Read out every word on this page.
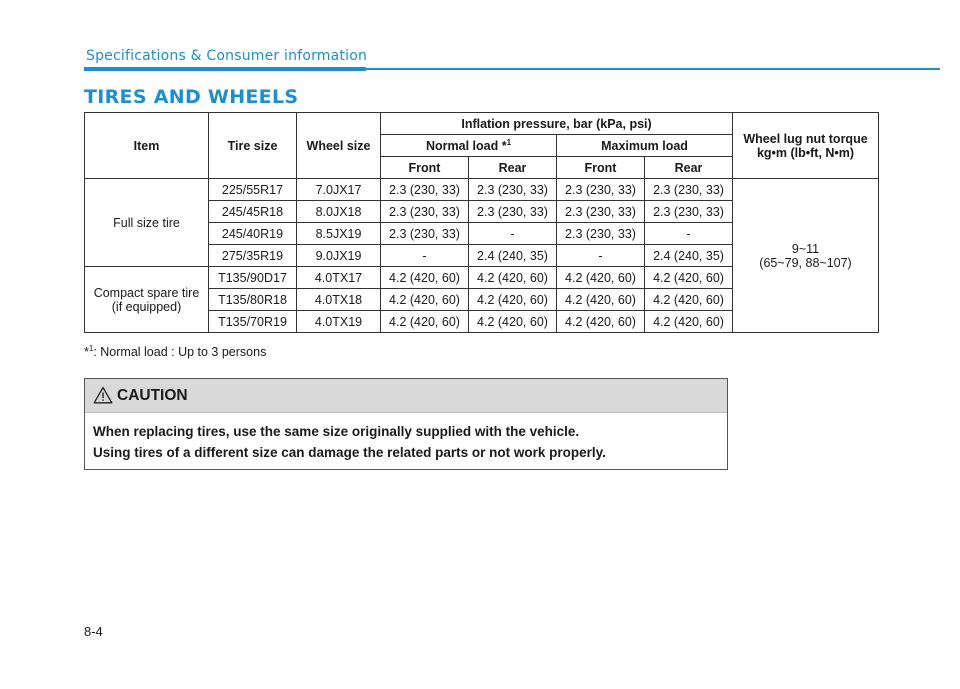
Specifications & Consumer information
TIRES AND WHEELS
Item	Tire size	Wheel size	Inflation pressure, bar (kPa, psi)				Wheel lug nut torque
kg•m (lb•ft, N•m)
			Normal load *$^1$		Maximum load		
			Front	Rear	Front	Rear	
Full size tire	225/55R17	7.0JX17	2.3 (230, 33)	2.3 (230, 33)	2.3 (230, 33)	2.3 (230, 33)	9~11
(65~79, 88~107)
	245/45R18	8.0JX18	2.3 (230, 33)	2.3 (230, 33)	2.3 (230, 33)	2.3 (230, 33)	
	245/40R19	8.5JX19	2.3 (230, 33)	-	2.3 (230, 33)	-	
	275/35R19	9.0JX19	-	2.4 (240, 35)	-	2.4 (240, 35)	
Compact spare tire
(if equipped)	T135/90D17	4.0TX17	4.2 (420, 60)	4.2 (420, 60)	4.2 (420, 60)	4.2 (420, 60)	
	T135/80R18	4.0TX18	4.2 (420, 60)	4.2 (420, 60)	4.2 (420, 60)	4.2 (420, 60)	
	T135/70R19	4.0TX19	4.2 (420, 60)	4.2 (420, 60)	4.2 (420, 60)	4.2 (420, 60)	
*$^1$: Normal load : Up to 3 persons
CAUTION
When replacing tires, use the same size originally supplied with the vehicle.
Using tires of a different size can damage the related parts or not work properly.
8-4
